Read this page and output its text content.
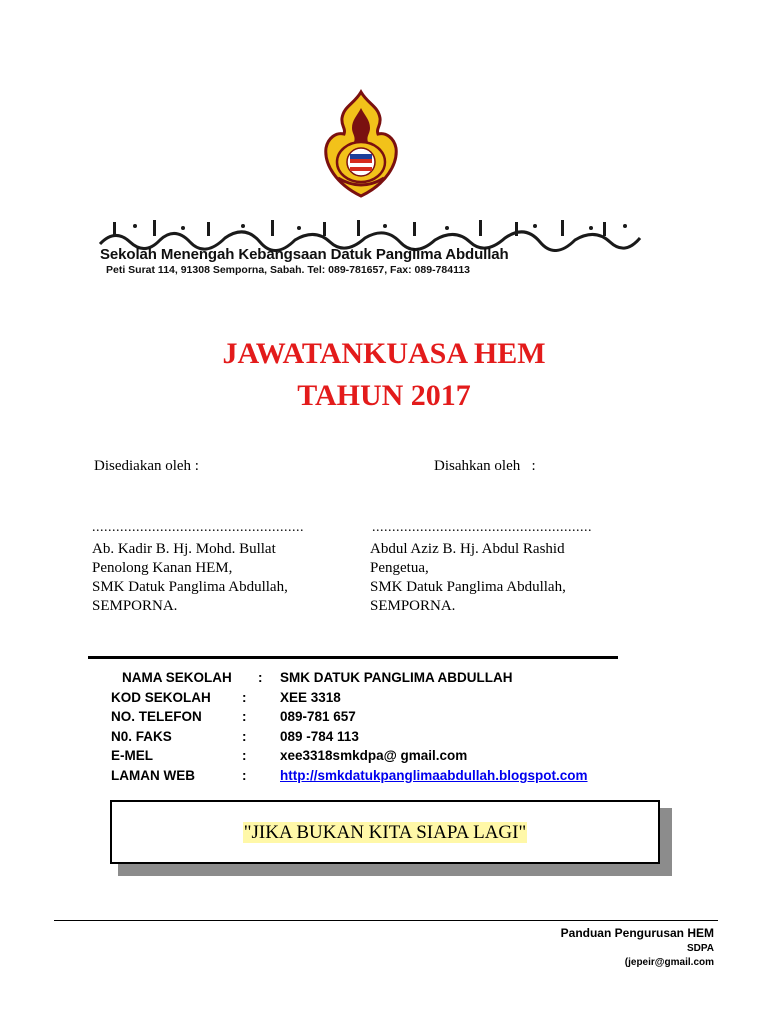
Sekolah Menengah Kebangsaan Datuk Panglima Abdullah
Peti Surat 114, 91308 Semporna, Sabah. Tel: 089-781657, Fax: 089-784113
JAWATANKUASA HEM
TAHUN 2017
Disediakan oleh :	Disahkan oleh   :
.....................................................	.......................................................
Ab. Kadir B. Hj. Mohd. Bullat
Penolong Kanan HEM,
SMK Datuk Panglima Abdullah,
SEMPORNA.
Abdul Aziz B. Hj. Abdul Rashid
Pengetua,
SMK Datuk Panglima Abdullah,
SEMPORNA.
NAMA SEKOLAH
KOD SEKOLAH
NO. TELEFON
N0. FAKS
E-MEL
LAMAN WEB
:
:
:
:
:
:
SMK DATUK PANGLIMA ABDULLAH
XEE 3318
089-781 657
089 -784 113
xee3318smkdpa@ gmail.com
http://smkdatukpanglimaabdullah.blogspot.com
"JIKA BUKAN KITA SIAPA LAGI"
Panduan Pengurusan HEM
SDPA
(jepeir@gmail.com
